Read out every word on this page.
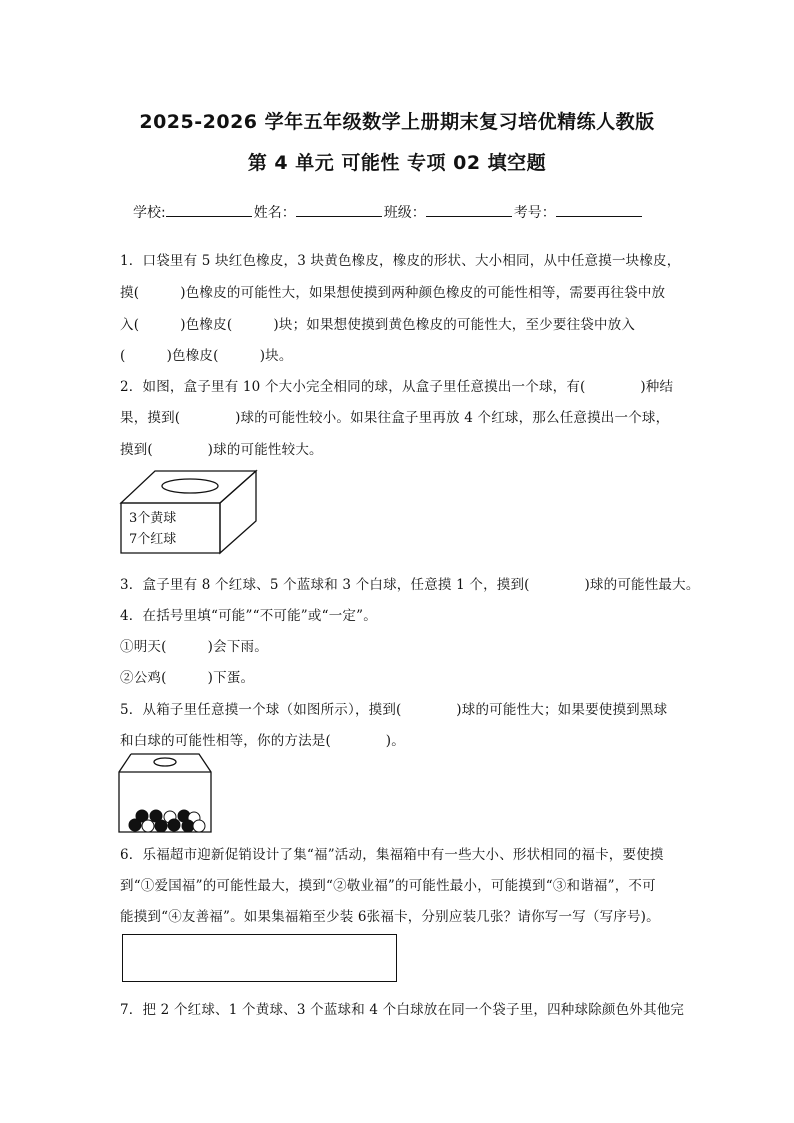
2025-2026 学年五年级数学上册期末复习培优精练人教版
第 4 单元 可能性 专项 02 填空题
学校:	姓名：	班级：	考号：
1．口袋里有 5 块红色橡皮，3 块黄色橡皮，橡皮的形状、大小相同，从中任意摸一块橡皮，
摸(　　　)色橡皮的可能性大，如果想使摸到两种颜色橡皮的可能性相等，需要再往袋中放
入(　　　)色橡皮(　　　)块；如果想使摸到黄色橡皮的可能性大，至少要往袋中放入
(　　　)色橡皮(　　　)块。
2．如图，盒子里有 10 个大小完全相同的球，从盒子里任意摸出一个球，有(　　　　)种结
果，摸到(　　　　)球的可能性较小。如果往盒子里再放 4 个红球，那么任意摸出一个球，
摸到(　　　　)球的可能性较大。
3个黄球
7个红球
3．盒子里有 8 个红球、5 个蓝球和 3 个白球，任意摸 1 个，摸到(　　　　)球的可能性最大。
4．在括号里填“可能”“不可能”或“一定”。
①明天(　　　)会下雨。
②公鸡(　　　)下蛋。
5．从箱子里任意摸一个球（如图所示），摸到(　　　　)球的可能性大；如果要使摸到黑球
和白球的可能性相等，你的方法是(　　　　)。
6．乐福超市迎新促销设计了集“福”活动，集福箱中有一些大小、形状相同的福卡，要使摸
到“①爱国福”的可能性最大，摸到“②敬业福”的可能性最小，可能摸到“③和谐福”，不可
能摸到“④友善福”。如果集福箱至少装 6张福卡，分别应装几张？请你写一写（写序号)。
7．把 2 个红球、1 个黄球、3 个蓝球和 4 个白球放在同一个袋子里，四种球除颜色外其他完
